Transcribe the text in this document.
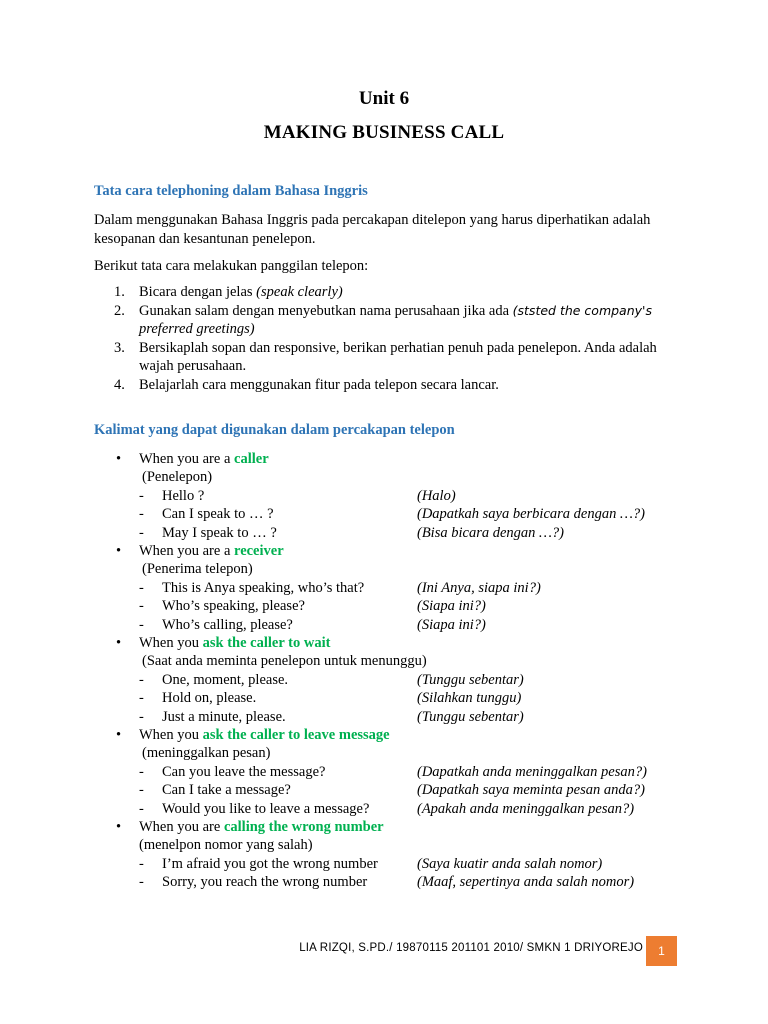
Unit 6
MAKING BUSINESS CALL
Tata cara telephoning dalam Bahasa Inggris
Dalam menggunakan Bahasa Inggris pada percakapan ditelepon yang harus diperhatikan adalah kesopanan dan kesantunan penelepon.
Berikut tata cara melakukan panggilan telepon:
1. Bicara dengan jelas (speak clearly)
2. Gunakan salam dengan menyebutkan nama perusahaan jika ada (ststed the company's
preferred greetings)
3. Bersikaplah sopan dan responsive, berikan perhatian penuh pada penelepon. Anda adalah wajah perusahaan.
4. Belajarlah cara menggunakan fitur pada telepon secara lancar.
Kalimat yang dapat digunakan dalam percakapan telepon
• When you are a caller
(Penelepon)
- Hello ?	(Halo)
- Can I speak to … ?	(Dapatkah saya berbicara dengan …?)
- May I speak to … ?	(Bisa bicara dengan …?)
• When you are a receiver
(Penerima telepon)
- This is Anya speaking, who’s that?	(Ini Anya, siapa ini?)
- Who’s speaking, please?	(Siapa ini?)
- Who’s calling, please?	(Siapa ini?)
• When you ask the caller to wait
(Saat anda meminta penelepon untuk menunggu)
- One, moment, please.	(Tunggu sebentar)
- Hold on, please.	(Silahkan tunggu)
- Just a minute, please.	(Tunggu sebentar)
• When you ask the caller to leave message
(meninggalkan pesan)
- Can you leave the message?	(Dapatkah anda meninggalkan pesan?)
- Can I take a message?	(Dapatkah saya meminta pesan anda?)
- Would you like to leave a message?	(Apakah anda meninggalkan pesan?)
• When you are calling the wrong number
(menelpon nomor yang salah)
- I’m afraid you got the wrong number	(Saya kuatir anda salah nomor)
- Sorry, you reach the wrong number	(Maaf, sepertinya anda salah nomor)
LIA RIZQI, S.PD./ 19870115 201101 2010/ SMKN 1 DRIYOREJO	1
